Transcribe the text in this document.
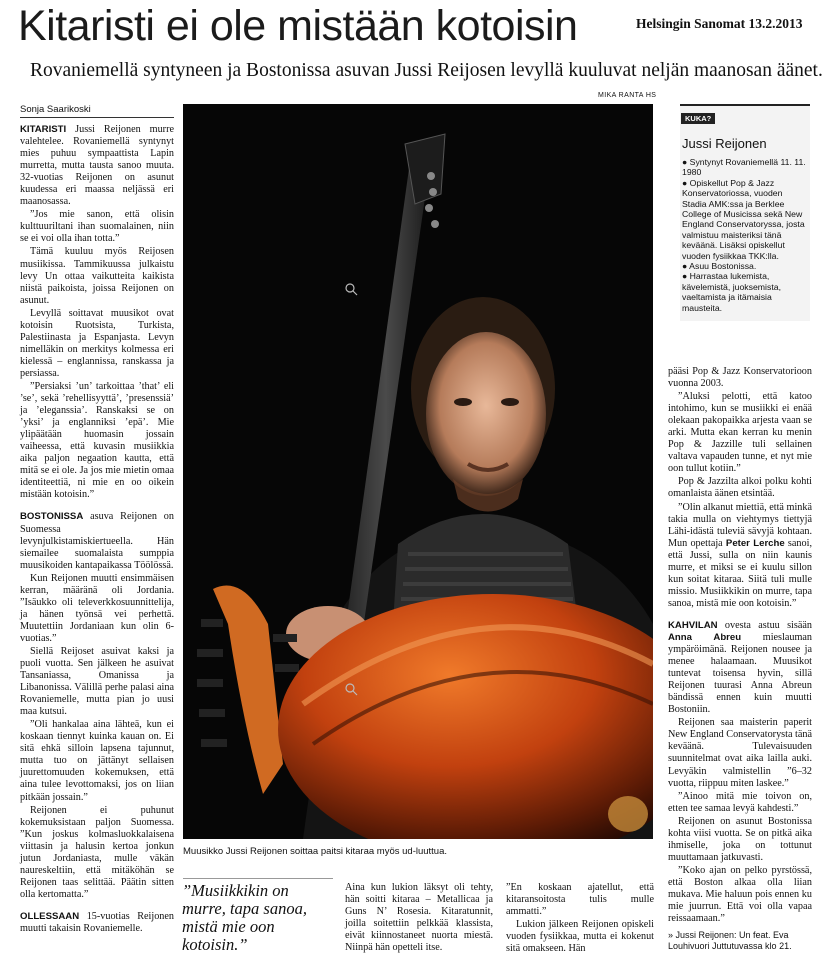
Kitaristi ei ole mistään kotoisin	Helsingin Sanomat 13.2.2013
Rovaniemellä syntyneen ja Bostonissa asuvan Jussi Reijosen levyllä kuuluvat neljän maanosan äänet.
Sonja Saarikoski
MIKA RANTA HS

KITARISTI Jussi Reijonen murre valehtelee. Rovaniemellä syntynyt mies puhuu sympaattista Lapin murretta, mutta tausta sanoo muuta. 32-vuotias Reijonen on asunut kuudessa eri maassa neljässä eri maanosassa.

”Jos mie sanon, että olisin kulttuuriltani ihan suomalainen, niin se ei voi olla ihan totta.”

Tämä kuuluu myös Reijosen musiikissa. Tammikuussa julkaistu levy Un ottaa vaikutteita kaikista niistä paikoista, joissa Reijonen on asunut.

Levyllä soittavat muusikot ovat kotoisin Ruotsista, Turkista, Palestiinasta ja Espanjasta. Levyn nimelläkin on merkitys kolmessa eri kielessä – englannissa, ranskassa ja persiassa.

”Persiaksi ’un’ tarkoittaa ’that’ eli ’se’, sekä ’rehellisyyttä’, ’presenssiä’ ja ’eleganssia’. Ranskaksi se on ’yksi’ ja englanniksi ’epä’. Mie ylipäätään huomasin jossain vaiheessa, että kuvasin musiikkia aika paljon negaation kautta, että mitä se ei ole. Ja jos mie mietin omaa identiteettiä, ni mie en oo oikein mistään kotoisin.”

BOSTONISSA asuva Reijonen on Suomessa levynjulkistamiskiertueella. Hän siemailee suomalaista sumppia muusikoiden kantapaikassa Töölössä.

Kun Reijonen muutti ensimmäisen kerran, määränä oli Jordania. ”Isäukko oli televerkkosuunnittelija, ja hänen työnsä vei perhettä. Muutettiin Jordaniaan kun olin 6-vuotias.”

Siellä Reijoset asuivat kaksi ja puoli vuotta. Sen jälkeen he asuivat Tansaniassa, Omanissa ja Libanonissa. Välillä perhe palasi aina Rovaniemelle, mutta pian jo uusi maa kutsui.

”Oli hankalaa aina lähteä, kun ei koskaan tiennyt kuinka kauan on. Ei sitä ehkä silloin lapsena tajunnut, mutta tuo on jättänyt sellaisen juurettomuuden kokemuksen, että aina tulee levottomaksi, jos on liian pitkään jossain.”

Reijonen ei puhunut kokemuksistaan paljon Suomessa. ”Kun joskus kolmasluokkalaisena viittasin ja halusin kertoa jonkun jutun Jordaniasta, mulle väkän naureskeltiin, että mitäköhän se Reijonen taas selittää. Päätin sitten olla kertomatta.”

OLLESSAAN 15-vuotias Reijonen muutti takaisin Rovaniemelle.

Muusikko Jussi Reijonen soittaa paitsi kitaraa myös ud-luuttua.
”Musiikkikin on murre, tapa sanoa, mistä mie oon kotoisin.”

Aina kun lukion läksyt oli tehty, hän soitti kitaraa – Metallicaa ja Guns N’ Rosesia. Kitaratunnit, joilla soitettiin pelkkää klassista, eivät kiinnostaneet nuorta miestä. Niinpä hän opetteli itse.

”En koskaan ajatellut, että kitaransoitosta tulis mulle ammatti.”

Lukion jälkeen Reijonen opiskeli vuoden fysiikkaa, mutta ei kokenut sitä omakseen. Hän

KUKA?
Jussi Reijonen
● Syntynyt Rovaniemellä 11. 11. 1980
● Opiskellut Pop & Jazz Konservatoriossa, vuoden Stadia AMK:ssa ja Berklee College of Musicissa sekä New England Conservatoryssa, josta valmistuu maisteriksi tänä keväänä. Lisäksi opiskellut vuoden fysiikkaa TKK:lla.
● Asuu Bostonissa.
● Harrastaa lukemista, kävelemistä, juoksemista, vaeltamista ja itämaisia mausteita.

pääsi Pop & Jazz Konservatorioon vuonna 2003.

”Aluksi pelotti, että katoo intohimo, kun se musiikki ei enää olekaan pakopaikka arjesta vaan se arki. Mutta ekan kerran ku menin Pop & Jazzille tuli sellainen valtava vapauden tunne, et nyt mie oon tullut kotiin.”

Pop & Jazzilta alkoi polku kohti omanlaista äänen etsintää.

”Olin alkanut miettiä, että minkä takia mulla on viehtymys tiettyjä Lähi-idästä tuleviä sävyjä kohtaan. Mun opettaja Peter Lerche sanoi, että Jussi, sulla on niin kaunis murre, et miksi se ei kuulu sillon kun soitat kitaraa. Siitä tuli mulle missio. Musiikkikin on murre, tapa sanoa, mistä mie oon kotoisin.”

KAHVILAN ovesta astuu sisään Anna Abreu mieslauman ympäröimänä. Reijonen nousee ja menee halaamaan. Muusikot tuntevat toisensa hyvin, sillä Reijonen tuurasi Anna Abreun bändissä ennen kuin muutti Bostoniin.

Reijonen saa maisterin paperit New England Conservatorysta tänä keväänä. Tulevaisuuden suunnitelmat ovat aika lailla auki. Levyäkin valmistellin ”6–32 vuotta, riippuu miten laskee.”

”Ainoo mitä mie toivon on, etten tee samaa levyä kahdesti.”

Reijonen on asunut Bostonissa kohta viisi vuotta. Se on pitkä aika ihmiselle, joka on tottunut muuttamaan jatkuvasti.

”Koko ajan on pelko pyrstössä, että Boston alkaa olla liian mukava. Mie haluun pois ennen ku mie juurrun. Että voi olla vapaa reissaamaan.”

» Jussi Reijonen: Un feat. Eva Louhivuori Juttutuvassa klo 21.
